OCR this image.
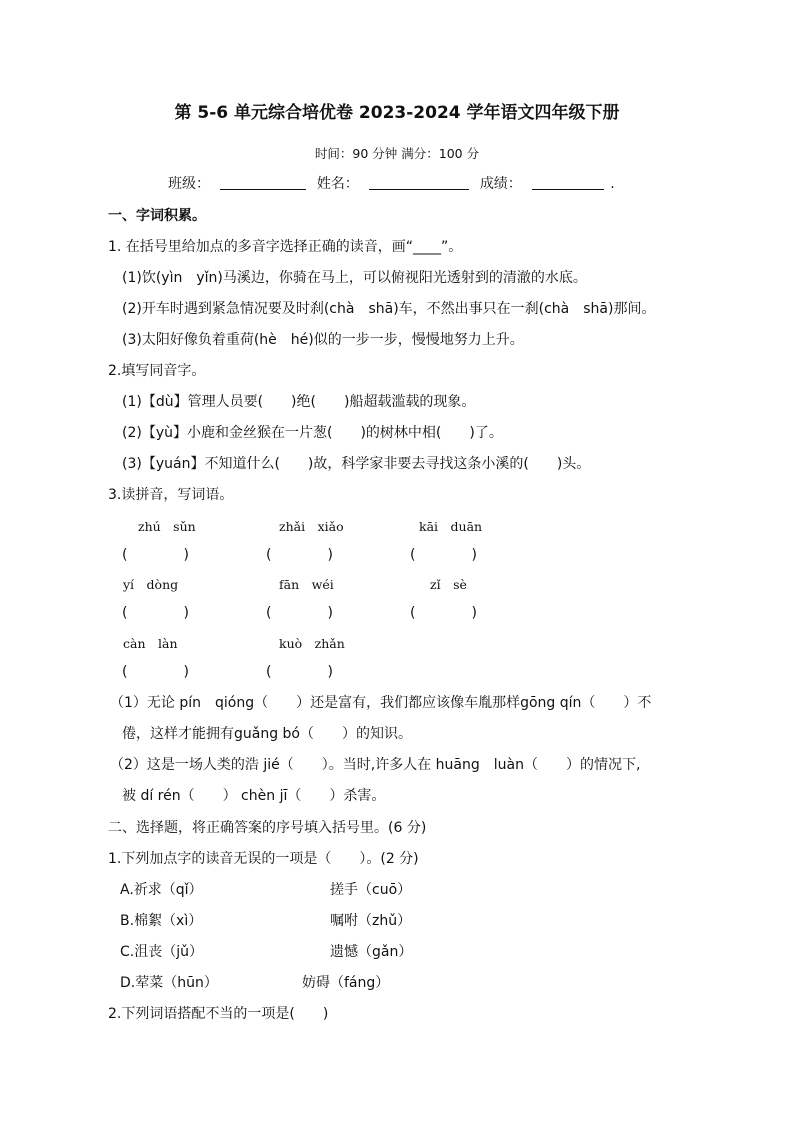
第 5-6 单元综合培优卷 2023-2024 学年语文四年级下册
时间：90 分钟 满分：100 分
班级：	姓名：	成绩：	.
一、字词积累。
1. 在括号里给加点的多音字选择正确的读音，画“____”。
(1)饮(yìn　yǐn)马溪边，你骑在马上，可以俯视阳光透射到的清澈的水底。
(2)开车时遇到紧急情况要及时刹(chà　shā)车，不然出事只在一刹(chà　shā)那间。
(3)太阳好像负着重荷(hè　hé)似的一步一步，慢慢地努力上升。
2.填写同音字。
(1)【dù】管理人员要(　　)绝(　　)船超载滥载的现象。
(2)【yù】小鹿和金丝猴在一片葱(　　)的树林中相(　　)了。
(3)【yuán】不知道什么(　　)故，科学家非要去寻找这条小溪的(　　)头。
3.读拼音，写词语。
zhú　sǔn	zhǎi　xiǎo	kāi　duān
(　　　　)	(　　　　)	(　　　　)
yí　dòng	fān　wéi	zǐ　sè
(　　　　)	(　　　　)	(　　　　)
càn　làn	kuò　zhǎn
(　　　　)	(　　　　)
（1）无论 pín　qióng（　　）还是富有，我们都应该像车胤那样gōng qín（　　）不
倦，这样才能拥有guǎng bó（　　）的知识。
（2）这是一场人类的浩 jié（　　）。当时,许多人在 huāng　luàn（　　）的情况下,
被 dí rén（　　） chèn jī（　　）杀害。
二、选择题，将正确答案的序号填入括号里。(6 分)
1.下列加点字的读音无误的一项是（　　）。(2 分)
A.祈求（qǐ）	搓手（cuō）
B.棉絮（xì）	嘱咐（zhǔ）
C.沮丧（jǔ）	遗憾（gǎn）
D.荤菜（hūn）	妨碍（fáng）
2.下列词语搭配不当的一项是(　　)
